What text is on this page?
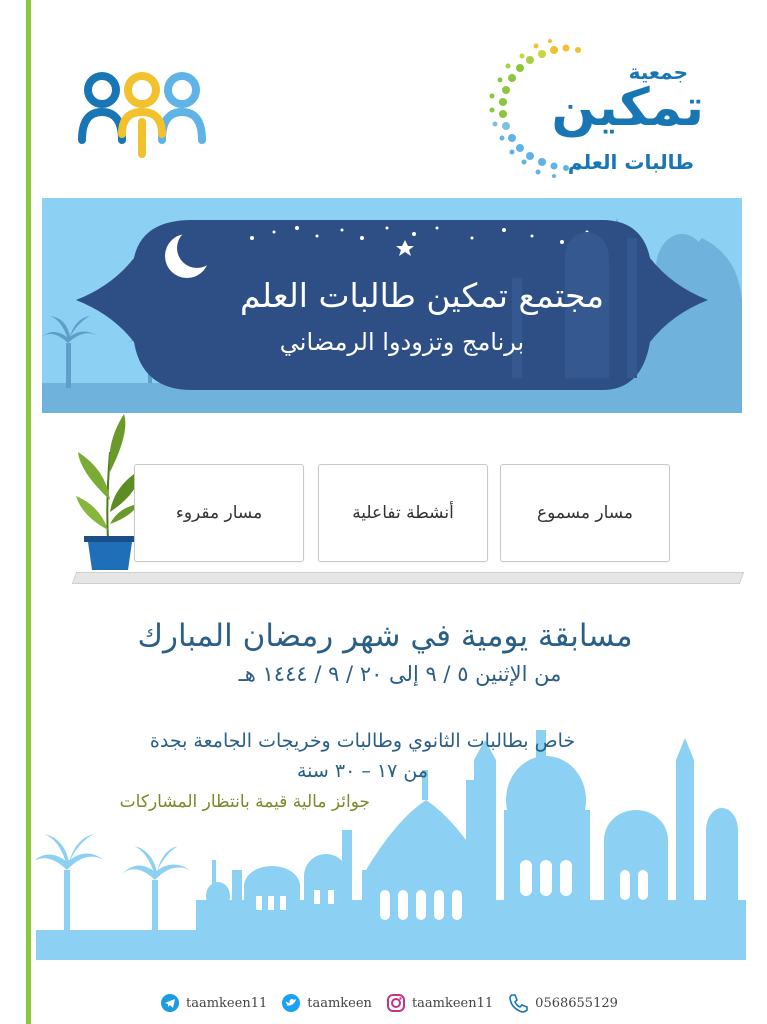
جمعية
تمكين
طالبات العلم
مجتمع تمكين طالبات العلم
برنامج وتزودوا الرمضاني
مسار مسموع
أنشطة تفاعلية
مسار مقروء
مسابقة يومية في شهر رمضان المبارك
من الإثنين ٥ / ٩ إلى ٢٠ / ٩ / ١٤٤٤ هـ
خاص بطالبات الثانوي وطالبات وخريجات الجامعة بجدة
من ١٧ – ٣٠ سنة
جوائز مالية قيمة بانتظار المشاركات
taamkeen11	taamkeen	taamkeen11	0568655129
